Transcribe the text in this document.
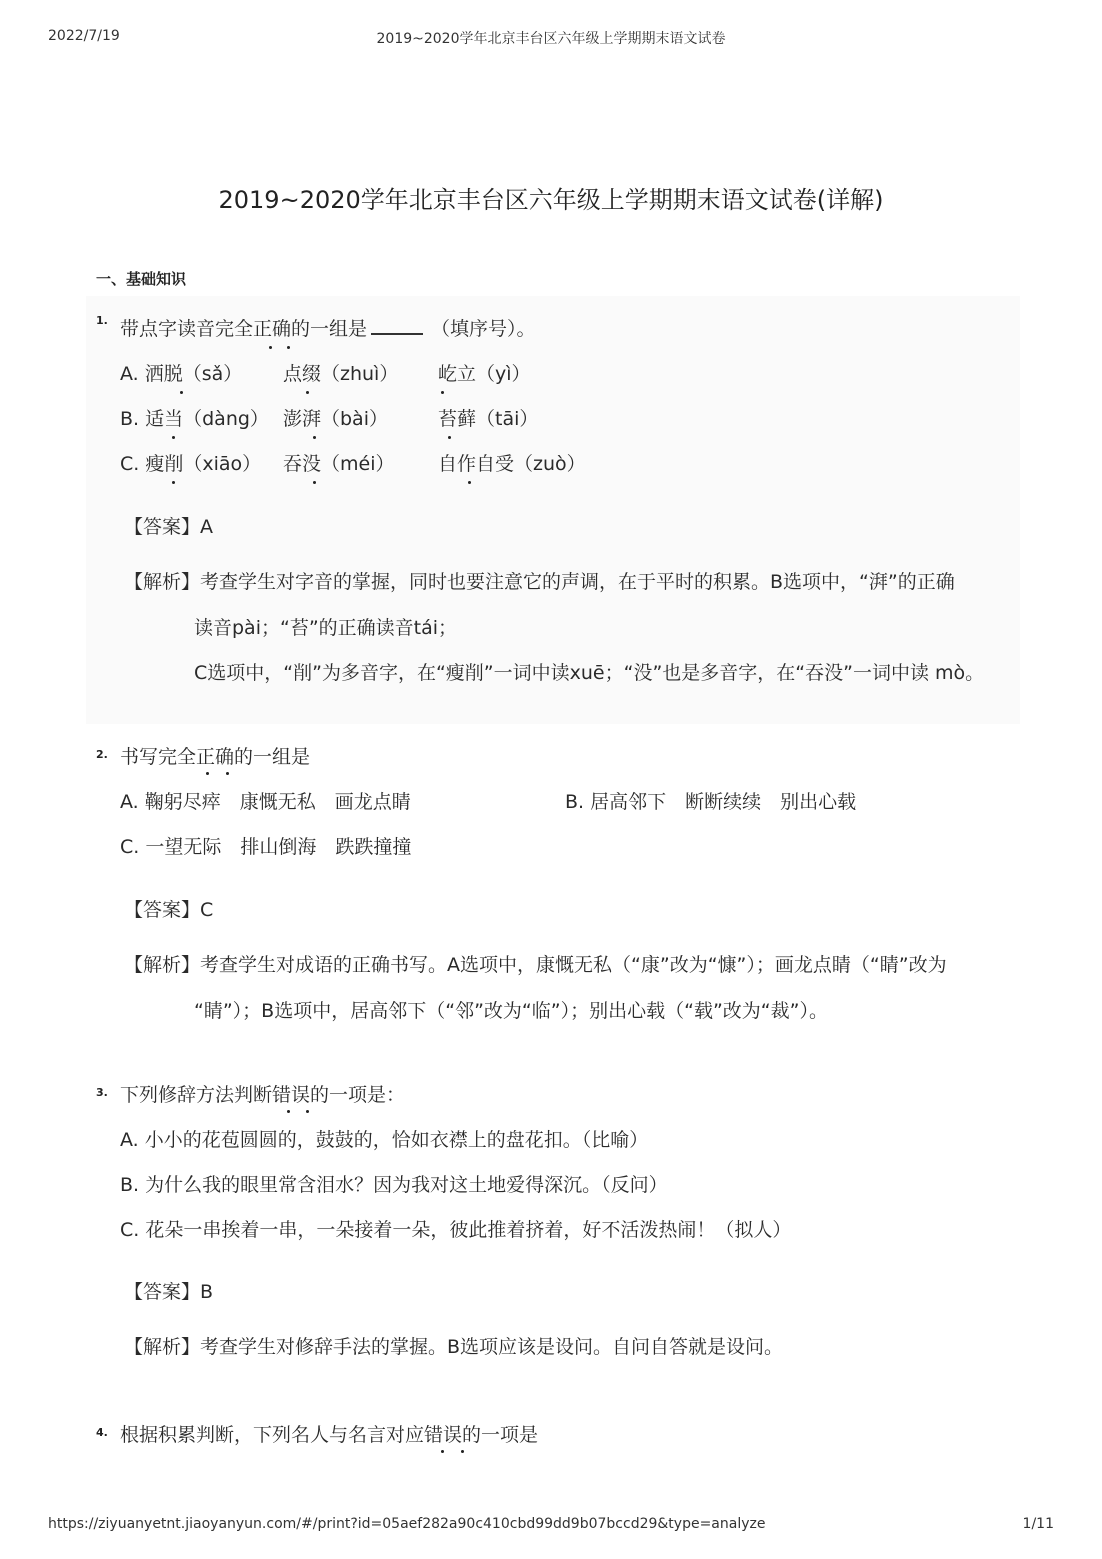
2022/7/19	2019~2020学年北京丰台区六年级上学期期末语文试卷
2019~2020学年北京丰台区六年级上学期期末语文试卷(详解)
一、基础知识
1. 带点字读音完全正确的一组是	（填序号）。
A. 洒脱（sǎ） 点缀（zhuì） 屹立（yì）
B. 适当（dàng） 澎湃（bài）	苔藓（tāi）
C. 瘦削（xiāo） 吞没（méi） 自作自受（zuò）
【答案】A
【解析】考查学生对字音的掌握，同时也要注意它的声调，在于平时的积累。B选项中，“湃”的正确
读音pài；“苔”的正确读音tái；
C选项中，“削”为多音字，在“瘦削”一词中读xuē；“没”也是多音字，在“吞没”一词中读 mò。
2. 书写完全正确的一组是
A. 鞠躬尽瘁　康慨无私　画龙点睛	B. 居高邻下　断断续续　别出心载
C. 一望无际　排山倒海　跌跌撞撞
【答案】C
【解析】考查学生对成语的正确书写。A选项中，康慨无私（“康”改为“慷”）；画龙点睛（“睛”改为
“睛”）；B选项中，居高邻下（“邻”改为“临”）；别出心载（“载”改为“裁”）。
3. 下列修辞方法判断错误的一项是：
A. 小小的花苞圆圆的，鼓鼓的，恰如衣襟上的盘花扣。（比喻）
B. 为什么我的眼里常含泪水？因为我对这土地爱得深沉。（反问）
C. 花朵一串挨着一串，一朵接着一朵，彼此推着挤着，好不活泼热闹！（拟人）
【答案】B
【解析】考查学生对修辞手法的掌握。B选项应该是设问。自问自答就是设问。
4. 根据积累判断，下列名人与名言对应错误的一项是
https://ziyuanyetnt.jiaoyanyun.com/#/print?id=05aef282a90c410cbd99dd9b07bccd29&type=analyze	1/11
